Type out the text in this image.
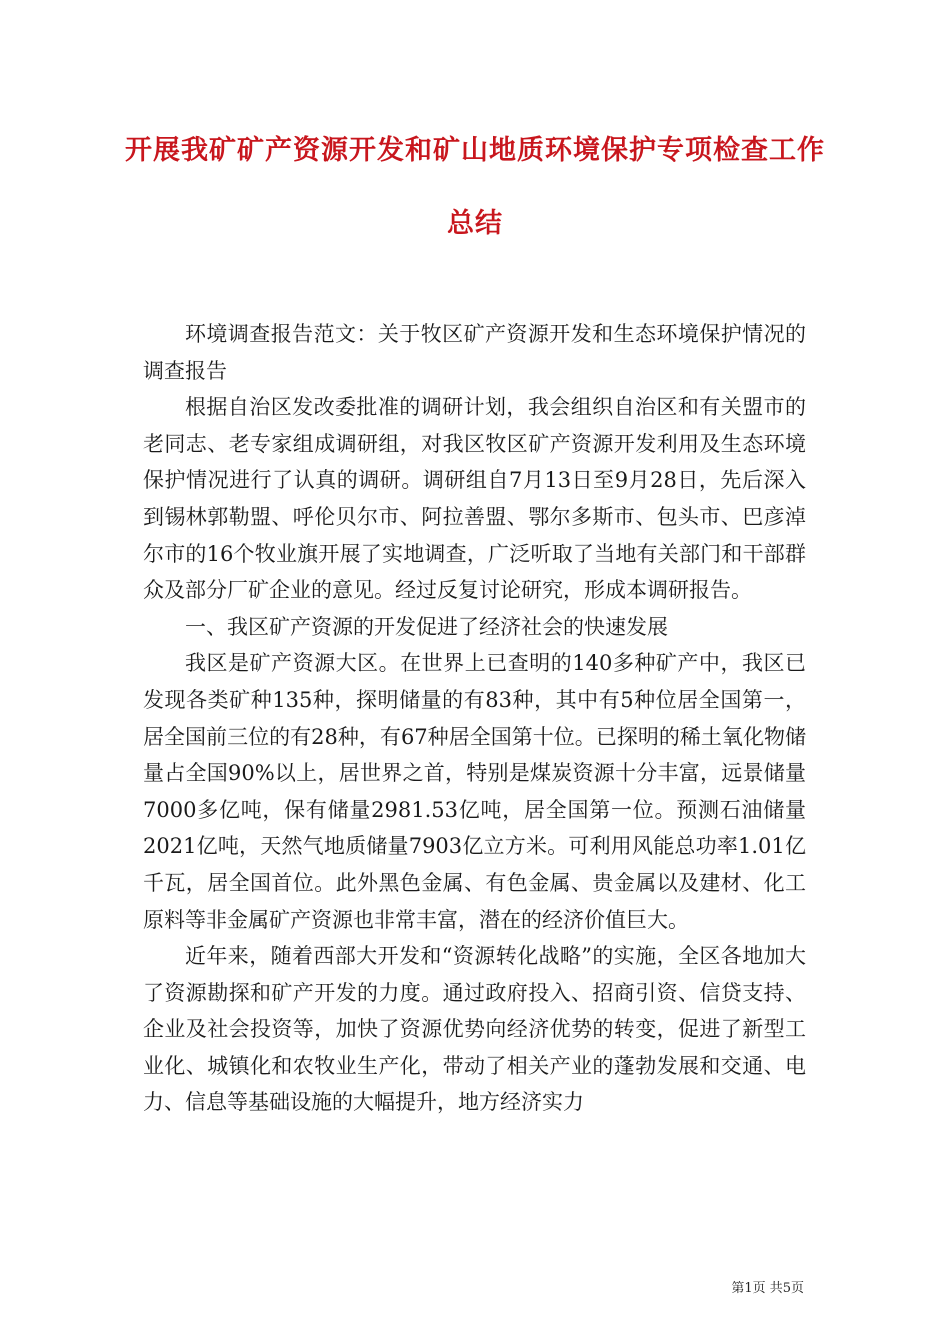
开展我矿矿产资源开发和矿山地质环境保护专项检查工作
总结

环境调查报告范文：关于牧区矿产资源开发和生态环境保护情况的调查报告

根据自治区发改委批准的调研计划，我会组织自治区和有关盟市的老同志、老专家组成调研组，对我区牧区矿产资源开发利用及生态环境保护情况进行了认真的调研。调研组自7月13日至9月28日，先后深入到锡林郭勒盟、呼伦贝尔市、阿拉善盟、鄂尔多斯市、包头市、巴彦淖尔市的16个牧业旗开展了实地调查，广泛听取了当地有关部门和干部群众及部分厂矿企业的意见。经过反复讨论研究，形成本调研报告。

一、我区矿产资源的开发促进了经济社会的快速发展

我区是矿产资源大区。在世界上已查明的140多种矿产中，我区已发现各类矿种135种，探明储量的有83种，其中有5种位居全国第一，居全国前三位的有28种，有67种居全国第十位。已探明的稀土氧化物储量占全国90%以上，居世界之首，特别是煤炭资源十分丰富，远景储量7000多亿吨，保有储量2981.53亿吨，居全国第一位。预测石油储量2021亿吨，天然气地质储量7903亿立方米。可利用风能总功率1.01亿千瓦，居全国首位。此外黑色金属、有色金属、贵金属以及建材、化工原料等非金属矿产资源也非常丰富，潜在的经济价值巨大。

近年来，随着西部大开发和“资源转化战略”的实施，全区各地加大了资源勘探和矿产开发的力度。通过政府投入、招商引资、信贷支持、企业及社会投资等，加快了资源优势向经济优势的转变，促进了新型工业化、城镇化和农牧业生产化，带动了相关产业的蓬勃发展和交通、电力、信息等基础设施的大幅提升，地方经济实力

第1页 共5页
